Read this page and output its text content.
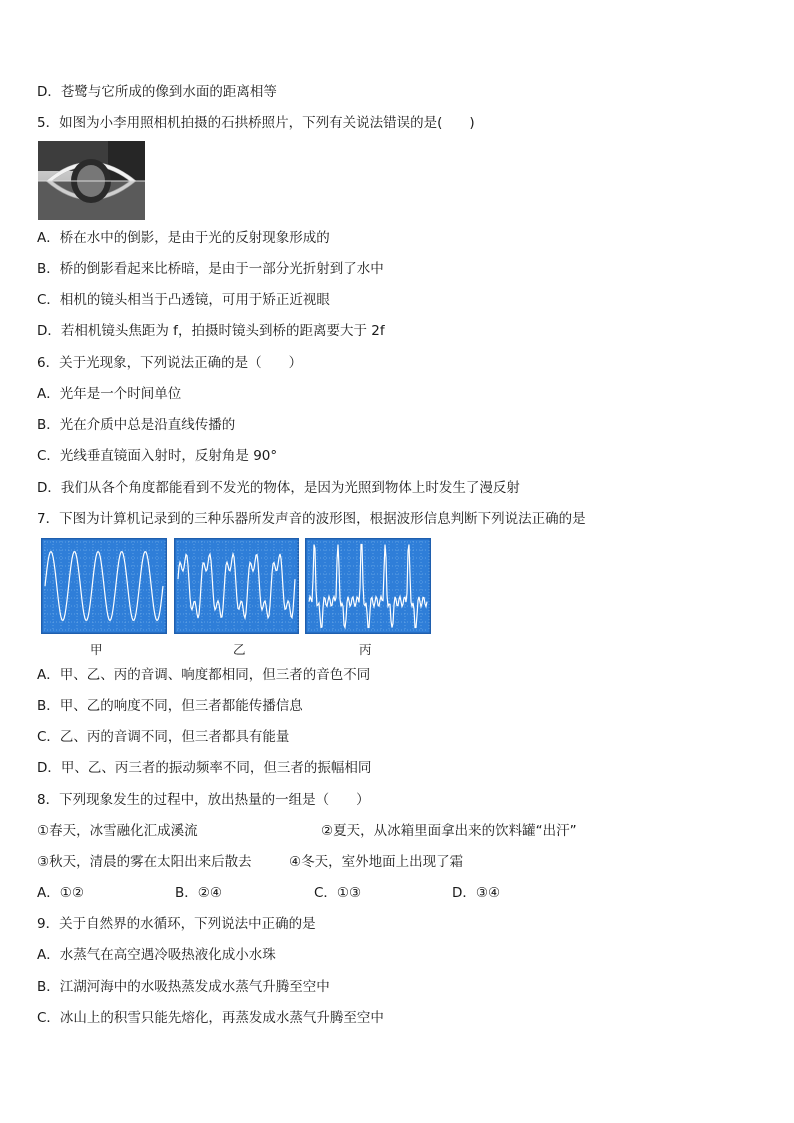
D．苍鹭与它所成的像到水面的距离相等
5．如图为小李用照相机拍摄的石拱桥照片，下列有关说法错误的是(　　)
A．桥在水中的倒影，是由于光的反射现象形成的
B．桥的倒影看起来比桥暗，是由于一部分光折射到了水中
C．相机的镜头相当于凸透镜，可用于矫正近视眼
D．若相机镜头焦距为 f，拍摄时镜头到桥的距离要大于 2f
6．关于光现象，下列说法正确的是（　　）
A．光年是一个时间单位
B．光在介质中总是沿直线传播的
C．光线垂直镜面入射时，反射角是 90°
D．我们从各个角度都能看到不发光的物体，是因为光照到物体上时发生了漫反射
7．下图为计算机记录到的三种乐器所发声音的波形图，根据波形信息判断下列说法正确的是
甲	乙	丙
A．甲、乙、丙的音调、响度都相同，但三者的音色不同
B．甲、乙的响度不同，但三者都能传播信息
C．乙、丙的音调不同，但三者都具有能量
D．甲、乙、丙三者的振动频率不同，但三者的振幅相同
8．下列现象发生的过程中，放出热量的一组是（　　）
①春天，冰雪融化汇成溪流	②夏天，从冰箱里面拿出来的饮料罐“出汗”
③秋天，清晨的雾在太阳出来后散去	④冬天，室外地面上出现了霜
A．①②	B．②④	C．①③	D．③④
9．关于自然界的水循环，下列说法中正确的是
A．水蒸气在高空遇冷吸热液化成小水珠
B．江湖河海中的水吸热蒸发成水蒸气升腾至空中
C．冰山上的积雪只能先熔化，再蒸发成水蒸气升腾至空中
